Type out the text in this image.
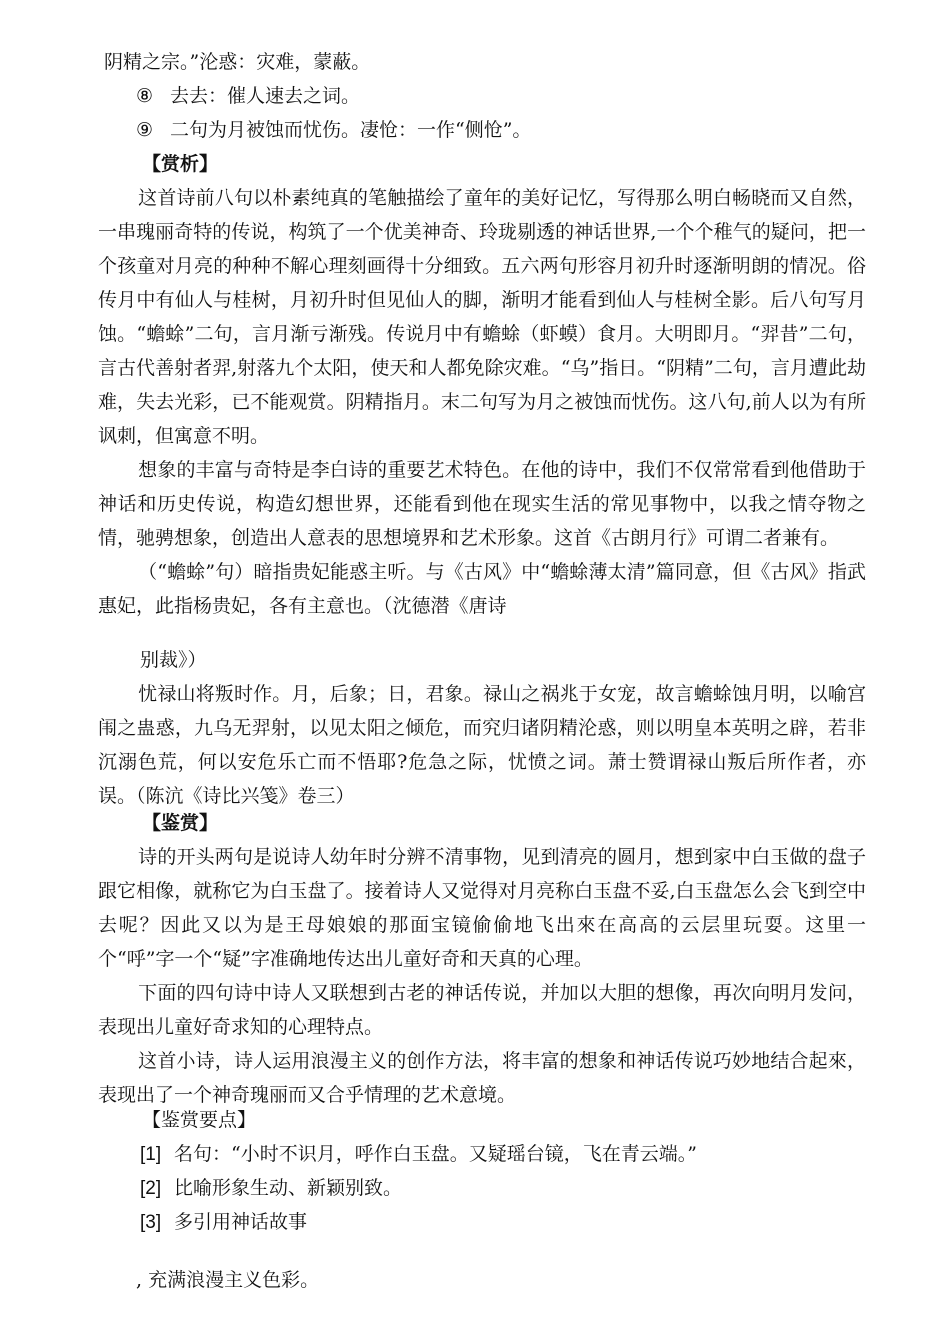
阴精之宗。”沦惑：灾难，蒙蔽。
⑧ 去去：催人速去之词。
⑨ 二句为月被蚀而忧伤。凄怆：一作“侧怆”。
【赏析】
这首诗前八句以朴素纯真的笔触描绘了童年的美好记忆，写得那么明白畅晓而又自然，一串瑰丽奇特的传说，构筑了一个优美神奇、玲珑剔透的神话世界,一个个稚气的疑问，把一个孩童对月亮的种种不解心理刻画得十分细致。五六两句形容月初升时逐渐明朗的情况。俗传月中有仙人与桂树，月初升时但见仙人的脚，渐明才能看到仙人与桂树全影。后八句写月蚀。“蟾蜍”二句，言月渐亏渐残。传说月中有蟾蜍（虾蟆）食月。大明即月。“羿昔”二句，言古代善射者羿,射落九个太阳，使天和人都免除灾难。“乌”指日。“阴精”二句，言月遭此劫难，失去光彩，已不能观赏。阴精指月。末二句写为月之被蚀而忧伤。这八句,前人以为有所讽刺，但寓意不明。
想象的丰富与奇特是李白诗的重要艺术特色。在他的诗中，我们不仅常常看到他借助于神话和历史传说，构造幻想世界，还能看到他在现实生活的常见事物中，以我之情夺物之情，驰骋想象，创造出人意表的思想境界和艺术形象。这首《古朗月行》可谓二者兼有。
（“蟾蜍”句）暗指贵妃能惑主听。与《古风》中“蟾蜍薄太清”篇同意，但《古风》指武惠妃，此指杨贵妃，各有主意也。（沈德潜《唐诗
别裁》）
忧禄山将叛时作。月，后象；日，君象。禄山之祸兆于女宠，故言蟾蜍蚀月明，以喻宫闱之蛊惑，九乌无羿射，以见太阳之倾危，而究归诸阴精沦惑，则以明皇本英明之辟，若非沉溺色荒，何以安危乐亡而不悟耶?危急之际，忧愤之词。萧士赞谓禄山叛后所作者，亦误。（陈沆《诗比兴笺》卷三）
【鉴赏】
诗的开头两句是说诗人幼年时分辨不清事物，见到清亮的圆月，想到家中白玉做的盘子跟它相像，就称它为白玉盘了。接着诗人又觉得对月亮称白玉盘不妥,白玉盘怎么会飞到空中去呢？因此又以为是王母娘娘的那面宝镜偷偷地飞出來在高高的云层里玩耍。这里一个“呼”字一个“疑”字准确地传达出儿童好奇和天真的心理。
下面的四句诗中诗人又联想到古老的神话传说，并加以大胆的想像，再次向明月发问，表现出儿童好奇求知的心理特点。
这首小诗，诗人运用浪漫主义的创作方法，将丰富的想象和神话传说巧妙地结合起來，表现出了一个神奇瑰丽而又合乎情理的艺术意境。
【鉴赏要点】
[1] 名句：“小时不识月，呼作白玉盘。又疑瑶台镜，飞在青云端。”
[2] 比喻形象生动、新颖别致。
[3] 多引用神话故事
, 充满浪漫主义色彩。
